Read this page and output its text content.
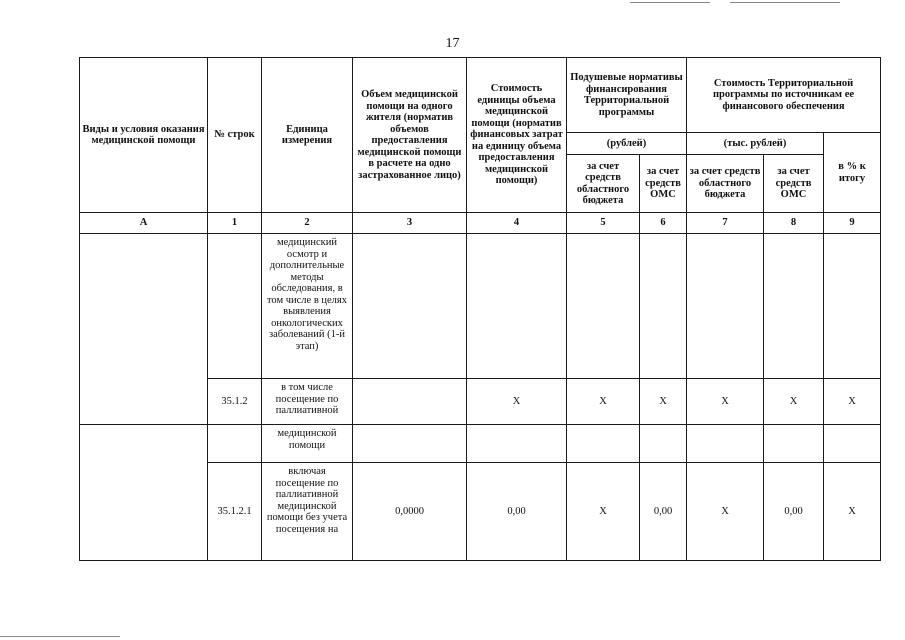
17
Виды и условия оказания медицинской помощи	№ строк	Единица измерения	Объем медицинской помощи на одного жителя (норматив объемов предоставления медицинской помощи в расчете на одно застрахованное лицо)	Стоимость единицы объема медицинской помощи (норматив финансовых затрат на единицу объема предоставления медицинской помощи)	Подушевые нормативы финансирования Территориальной программы		Стоимость Территориальной программы по источникам ее финансового обеспечения		
					(рублей)		(тыс. рублей)		в % к итогу
					за счет средств областного бюджета	за счет средств ОМС	за счет средств областного бюджета	за счет средств ОМС	
А	1	2	3	4	5	6	7	8	9
		медицинский осмотр и дополнительные методы обследования, в том числе в целях выявления онкологических заболеваний (1-й этап)							
	35.1.2	в том числе посещение по паллиативной		Х	Х	Х	Х	Х	Х
		медицинской помощи							
	35.1.2.1	включая посещение по паллиативной медицинской помощи без учета посещения на	0,0000	0,00	Х	0,00	Х	0,00	Х
